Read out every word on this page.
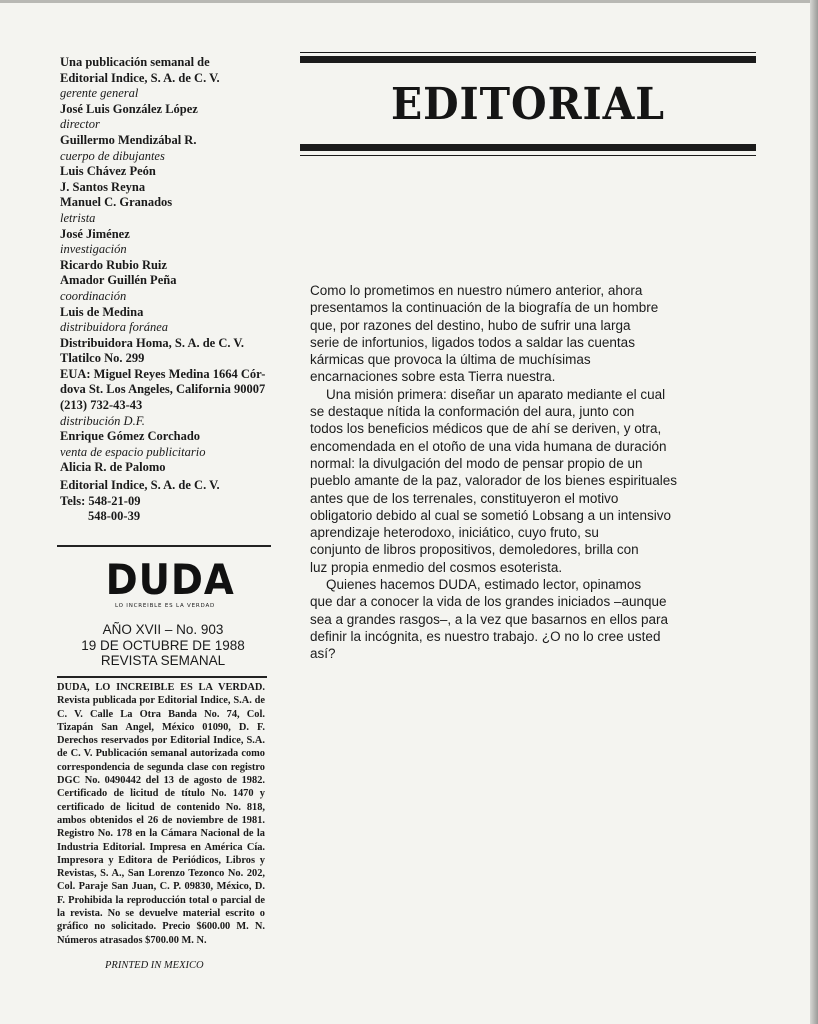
Una publicación semanal de
Editorial Indice, S. A. de C. V.
gerente general
José Luis González López
director
Guillermo Mendizábal R.
cuerpo de dibujantes
Luis Chávez Peón
J. Santos Reyna
Manuel C. Granados
letrista
José Jiménez
investigación
Ricardo Rubio Ruiz
Amador Guillén Peña
coordinación
Luis de Medina
distribuidora foránea
Distribuidora Homa, S. A. de C. V.
Tlatilco No. 299
EUA: Miguel Reyes Medina 1664 Cór-
dova St. Los Angeles, California 90007
(213) 732-43-43
distribución D.F.
Enrique Gómez Corchado
venta de espacio publicitario
Alicia R. de Palomo
Editorial Indice, S. A. de C. V.
Tels: 548-21-09
548-00-39
DUDA
LO INCREIBLE ES LA VERDAD
AÑO XVII – No. 903
19 DE OCTUBRE DE 1988
REVISTA SEMANAL
DUDA, LO INCREIBLE ES LA VERDAD. Revista publicada por Editorial Indice, S.A. de C. V. Calle La Otra Banda No. 74, Col. Tizapán San Angel, México 01090, D. F. Derechos reservados por Editorial Indice, S.A. de C. V. Publicación semanal autorizada como correspondencia de segunda clase con registro DGC No. 0490442 del 13 de agosto de 1982. Certificado de licitud de título No. 1470 y certificado de licitud de contenido No. 818, ambos obtenidos el 26 de noviembre de 1981. Registro No. 178 en la Cámara Nacional de la Industria Editorial. Impresa en América Cía. Impresora y Editora de Periódicos, Libros y Revistas, S. A., San Lorenzo Tezonco No. 202, Col. Paraje San Juan, C. P. 09830, México, D. F. Prohibida la reproducción total o parcial de la revista. No se devuelve material escrito o gráfico no solicitado. Precio $600.00 M. N. Números atrasados $700.00 M. N.
PRINTED IN MEXICO
EDITORIAL
Como lo prometimos en nuestro número anterior, ahora
presentamos la continuación de la biografía de un hombre
que, por razones del destino, hubo de sufrir una larga
serie de infortunios, ligados todos a saldar las cuentas
kármicas que provoca la última de muchísimas
encarnaciones sobre esta Tierra nuestra.
Una misión primera: diseñar un aparato mediante el cual
se destaque nítida la conformación del aura, junto con
todos los beneficios médicos que de ahí se deriven, y otra,
encomendada en el otoño de una vida humana de duración
normal: la divulgación del modo de pensar propio de un
pueblo amante de la paz, valorador de los bienes espirituales
antes que de los terrenales, constituyeron el motivo
obligatorio debido al cual se sometió Lobsang a un intensivo
aprendizaje heterodoxo, iniciático, cuyo fruto, su
conjunto de libros propositivos, demoledores, brilla con
luz propia enmedio del cosmos esoterista.
Quienes hacemos DUDA, estimado lector, opinamos
que dar a conocer la vida de los grandes iniciados –aunque
sea a grandes rasgos–, a la vez que basarnos en ellos para
definir la incógnita, es nuestro trabajo. ¿O no lo cree usted
así?
